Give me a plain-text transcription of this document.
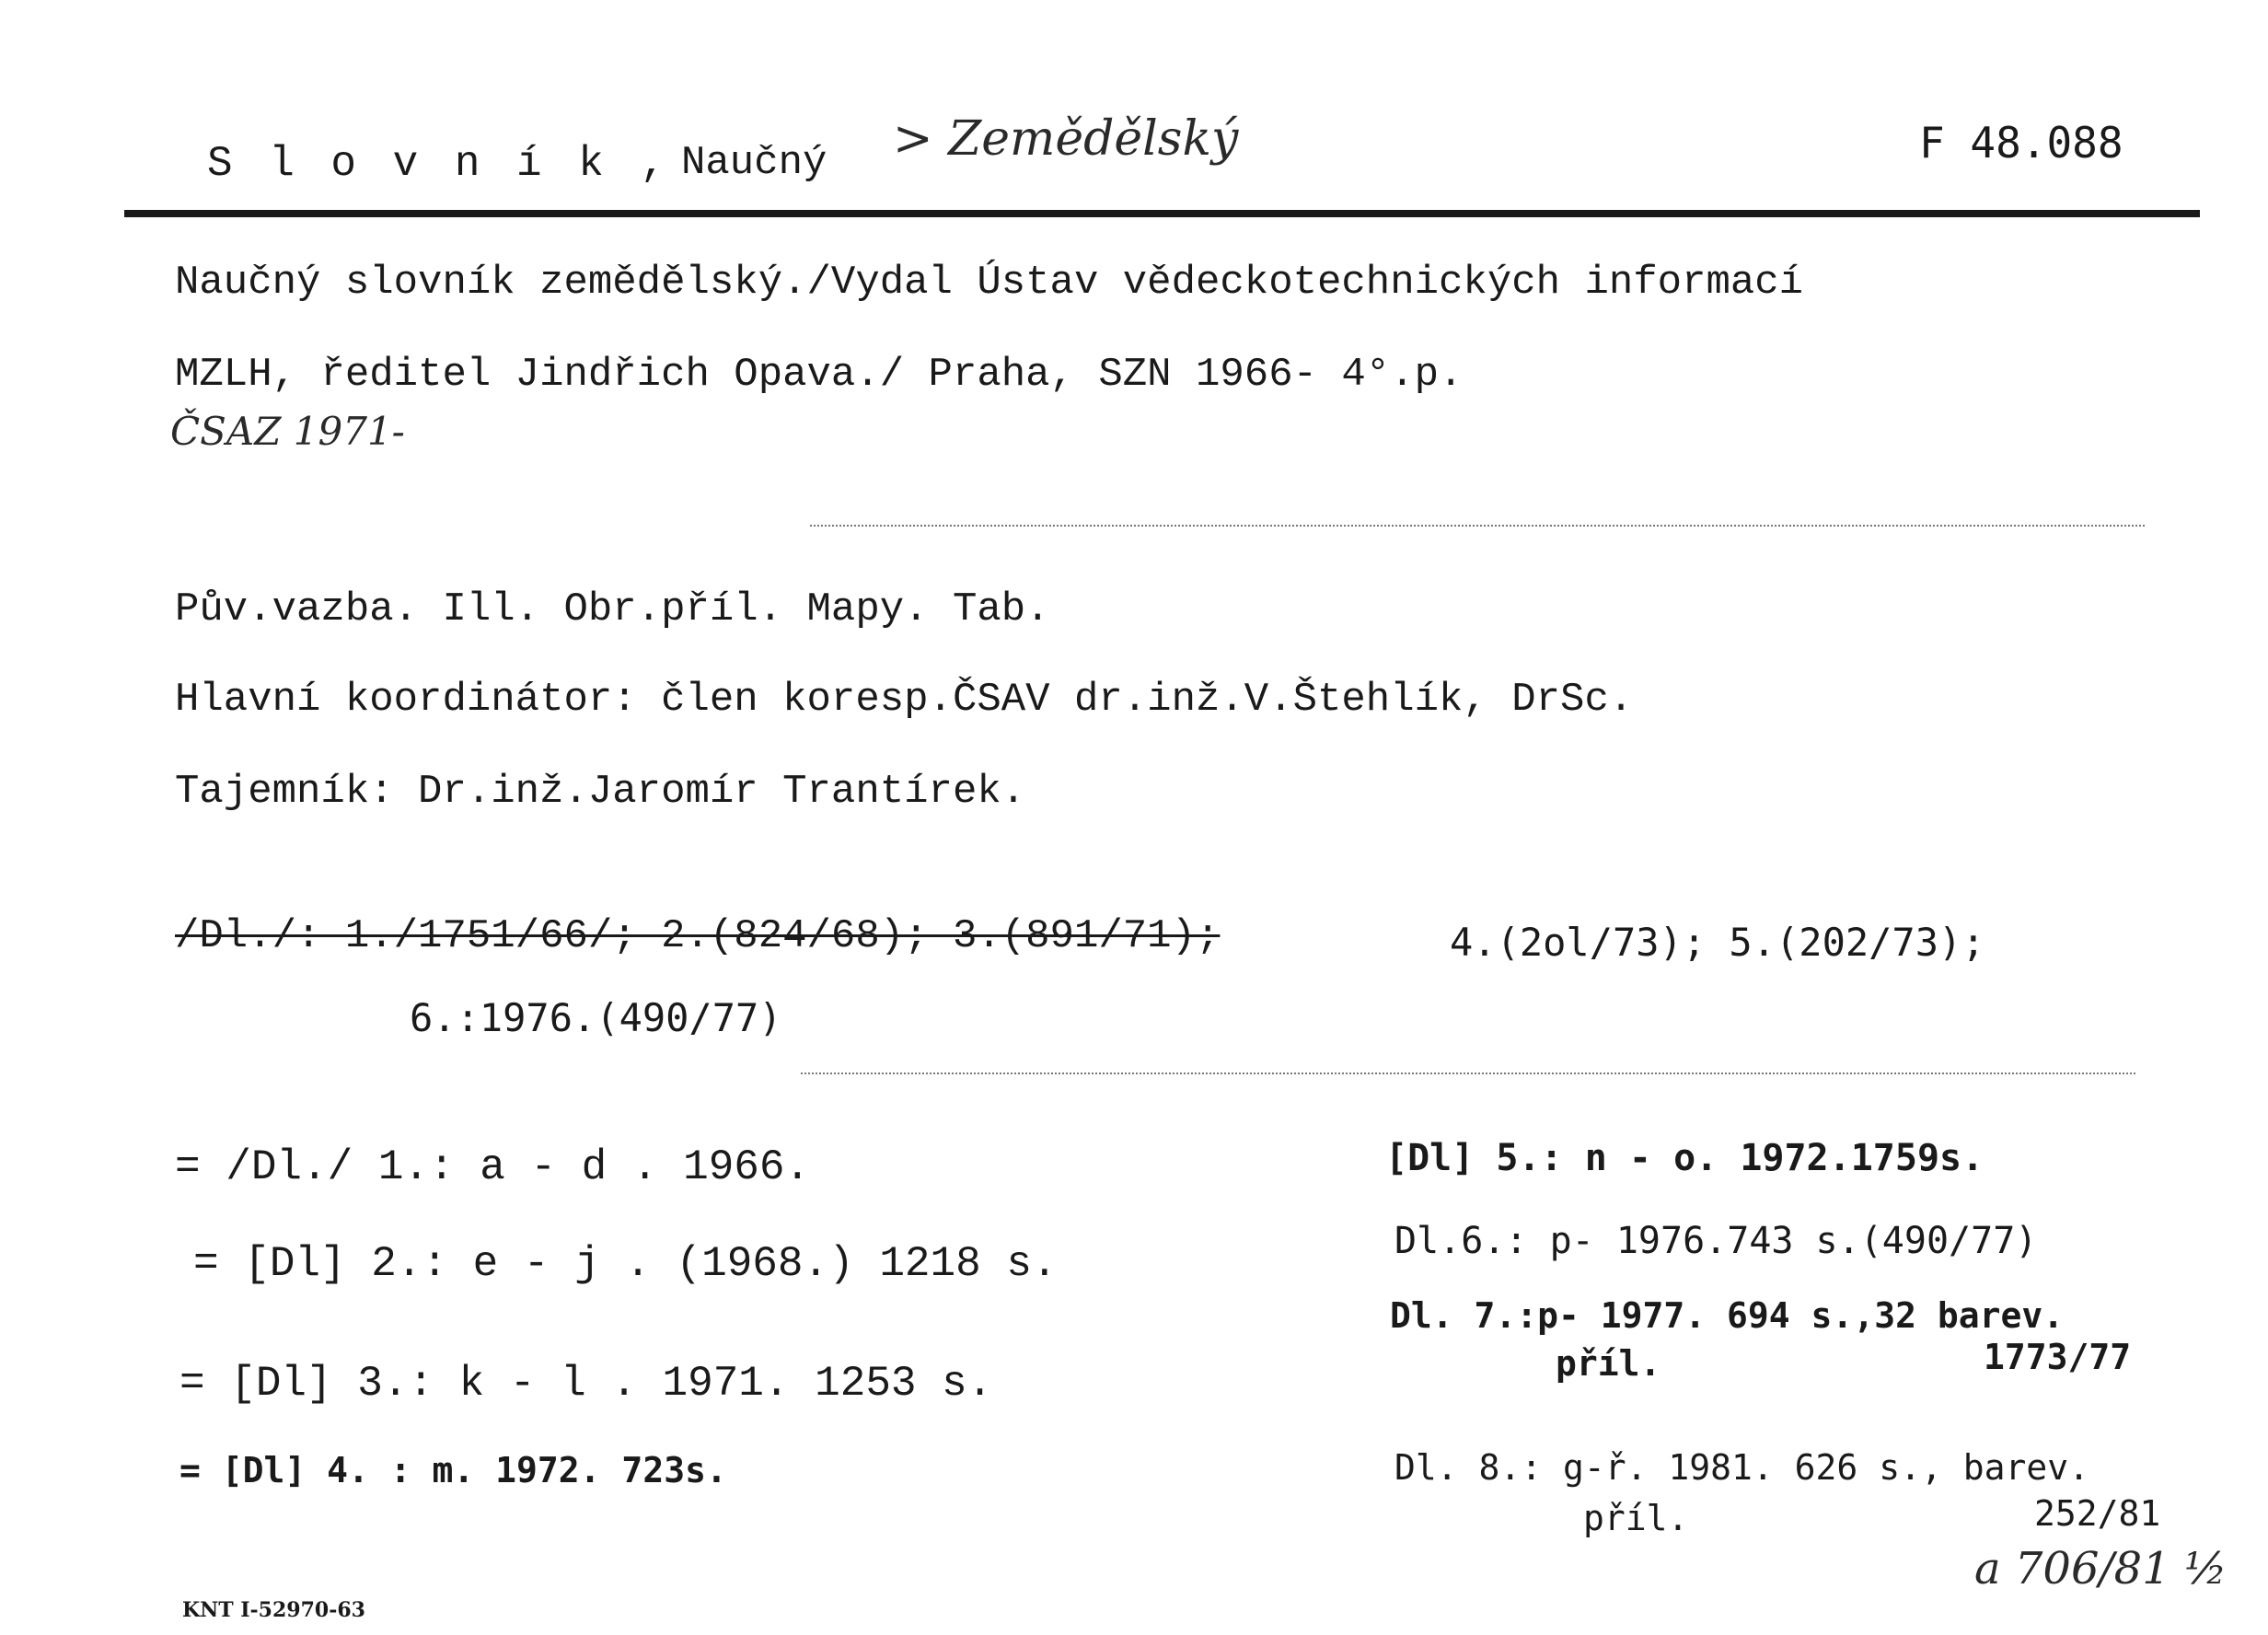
S l o v n í k , Naučný > Zemědělský	F 48.088
Naučný slovník zemědělský./Vydal Ústav vědeckotechnických informací
MZLH, ředitel Jindřich Opava./ Praha, SZN 1966- 4°.p.
ČSAZ 1971-
Pův.vazba. Ill. Obr.příl. Mapy. Tab.
Hlavní koordinátor: člen koresp.ČSAV dr.inž.V.Štehlík, DrSc.
Tajemník: Dr.inž.Jaromír Trantírek.
/Dl./: 1./1751/66/; 2.(824/68); 3.(891/71);	4.(2ol/73); 5.(202/73);
6.:1976.(490/77)
= /Dl./ 1.: a - d . 1966.
= [Dl] 2.: e - j . (1968.) 1218 s.
= [Dl] 3.: k - l . 1971. 1253 s.
= [Dl] 4. : m. 1972. 723s.
[Dl] 5.: n - o. 1972.1759s.
Dl.6.: p- 1976.743 s.(490/77)
Dl. 7.:p- 1977. 694 s.,32 barev.
příl.	1773/77
Dl. 8.: g-ř. 1981. 626 s., barev.
příl.	252/81
a 706/81 ½
KNT I-52970-63
